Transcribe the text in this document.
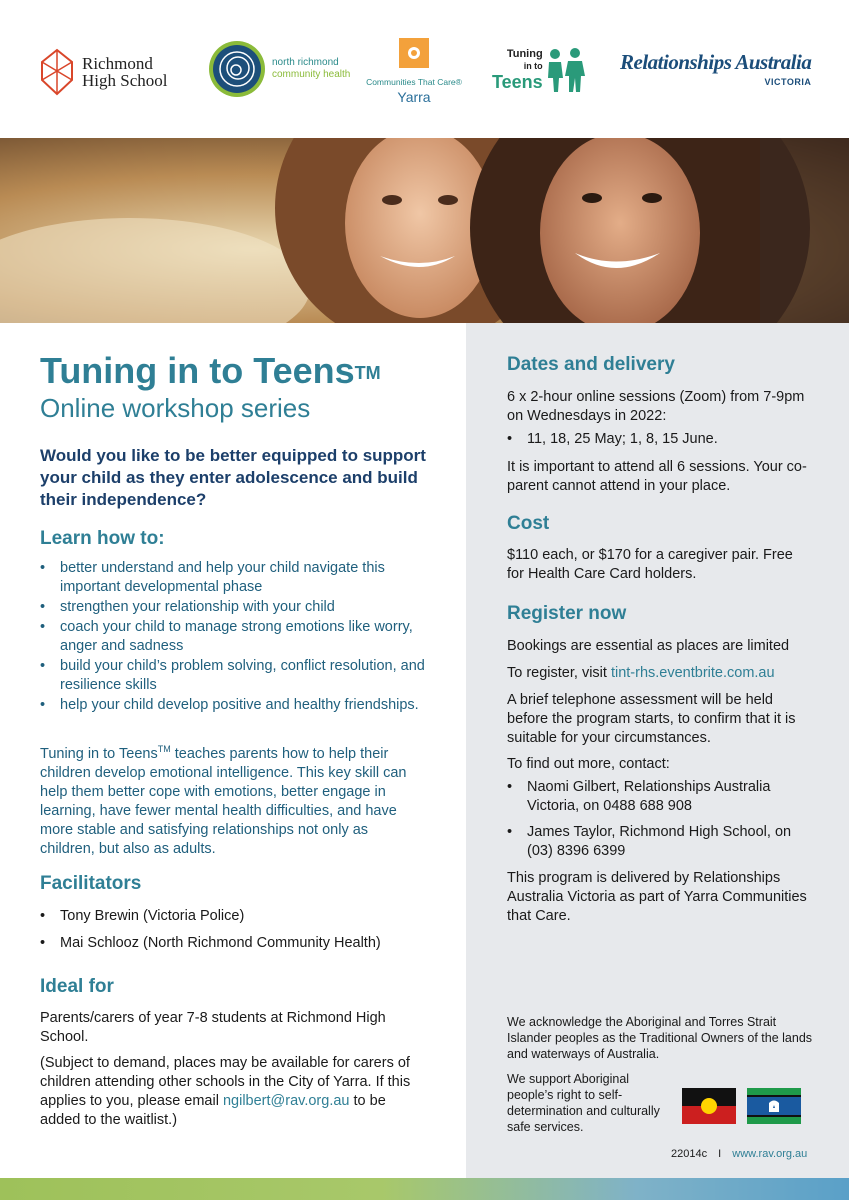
Richmond
High School
north richmond
community health
Communities That Care®
Yarra
Tuning
in to
Teens
Relationships Australia
VICTORIA
Tuning in to Teens™
Online workshop series
Would you like to be better equipped to support your child as they enter adolescence and build their independence?
Learn how to:
• better understand and help your child navigate this important developmental phase
• strengthen your relationship with your child
• coach your child to manage strong emotions like worry, anger and sadness
• build your child’s problem solving, conflict resolution, and resilience skills
• help your child develop positive and healthy friendships.
Tuning in to Teens™ teaches parents how to help their children develop emotional intelligence. This key skill can help them better cope with emotions, better engage in learning, have fewer mental health difficulties, and have more stable and satisfying relationships not only as children, but also as adults.
Facilitators
• Tony Brewin (Victoria Police)
• Mai Schlooz (North Richmond Community Health)
Ideal for
Parents/carers of year 7-8 students at Richmond High School.
(Subject to demand, places may be available for carers of children attending other schools in the City of Yarra. If this applies to you, please email ngilbert@rav.org.au to be added to the waitlist.)
Dates and delivery
6 x 2-hour online sessions (Zoom) from 7-9pm on Wednesdays in 2022:
• 11, 18, 25 May; 1, 8, 15 June.
It is important to attend all 6 sessions. Your co-parent cannot attend in your place.
Cost
$110 each, or $170 for a caregiver pair. Free for Health Care Card holders.
Register now
Bookings are essential as places are limited
To register, visit tint-rhs.eventbrite.com.au
A brief telephone assessment will be held before the program starts, to confirm that it is suitable for your circumstances.
To find out more, contact:
• Naomi Gilbert, Relationships Australia Victoria, on 0488 688 908
• James Taylor, Richmond High School, on (03) 8396 6399
This program is delivered by Relationships Australia Victoria as part of Yarra Communities that Care.
We acknowledge the Aboriginal and Torres Strait Islander peoples as the Traditional Owners of the lands and waterways of Australia.
We support Aboriginal people’s right to self-determination and culturally safe services.
22014c I www.rav.org.au
